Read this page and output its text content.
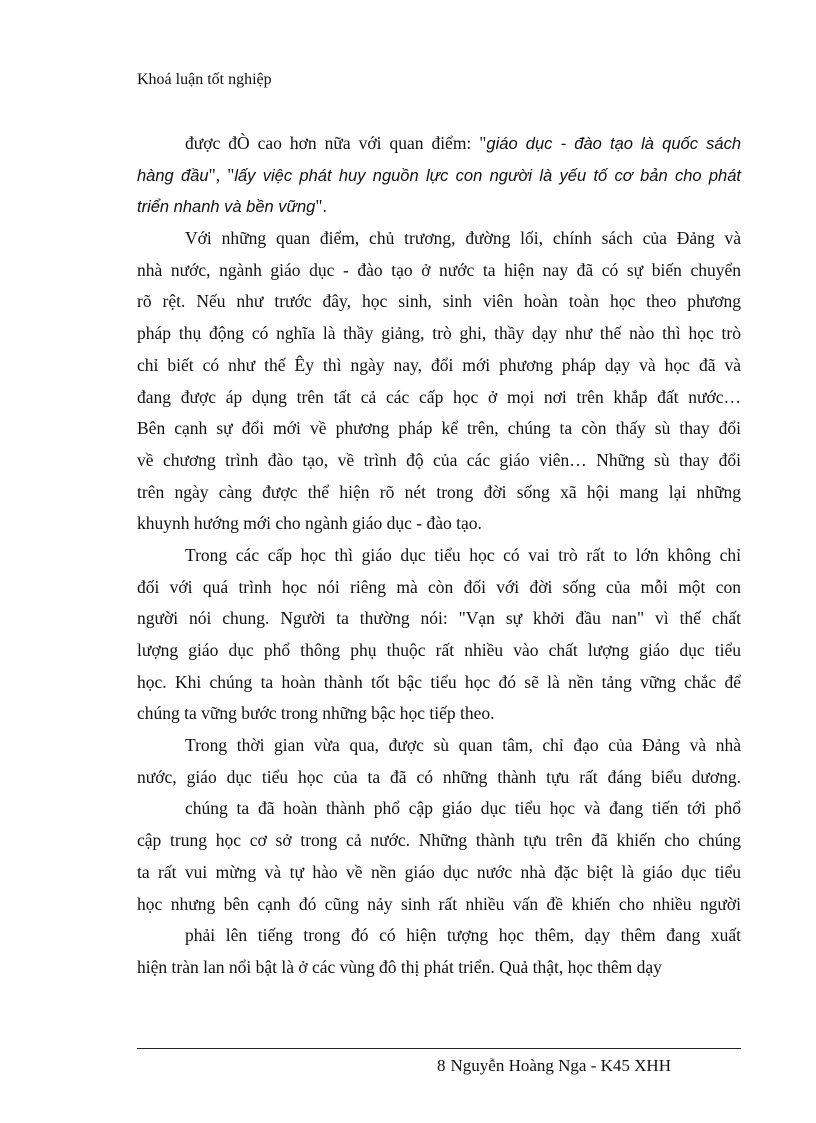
Khoá luận tốt nghiệp
được đÒ cao hơn nữa với quan điểm: "giáo dục - đào tạo là quốc sách
hàng đầu", "lấy việc phát huy nguồn lực con người là yếu tố cơ bản cho phát
triển nhanh và bền vững".
Với những quan điểm, chủ trương, đường lối, chính sách của Đảng và
nhà nước, ngành giáo dục - đào tạo ở nước ta hiện nay đã có sự biến chuyển
rõ rệt. Nếu như trước đây, học sinh, sinh viên hoàn toàn học theo phương
pháp thụ động có nghĩa là thầy giảng, trò ghi, thầy dạy như thế nào thì học trò
chỉ biết có như thế Êy thì ngày nay, đổi mới phương pháp dạy và học đã và
đang được áp dụng trên tất cả các cấp học ở mọi nơi trên khắp đất nước…
Bên cạnh sự đổi mới về phương pháp kể trên, chúng ta còn thấy sù thay đổi
về chương trình đào tạo, về trình độ của các giáo viên… Những sù thay đổi
trên ngày càng được thể hiện rõ nét trong đời sống xã hội mang lại những
khuynh hướng mới cho ngành giáo dục - đào tạo.
Trong các cấp học thì giáo dục tiểu học có vai trò rất to lớn không chỉ
đối với quá trình học nói riêng mà còn đối với đời sống của mỗi một con
người nói chung. Người ta thường nói: "Vạn sự khởi đầu nan" vì thế chất
lượng giáo dục phổ thông phụ thuộc rất nhiều vào chất lượng giáo dục tiểu
học. Khi chúng ta hoàn thành tốt bậc tiểu học đó sẽ là nền tảng vững chắc để
chúng ta vững bước trong những bậc học tiếp theo.
Trong thời gian vừa qua, được sù quan tâm, chỉ đạo của Đảng và nhà
nước, giáo dục tiểu học của ta đã có những thành tựu rất đáng biểu dương.
chúng ta đã hoàn thành phổ cập giáo dục tiểu học và đang tiến tới phổ
cập trung học cơ sở trong cả nước. Những thành tựu trên đã khiến cho chúng
ta rất vui mừng và tự hào về nền giáo dục nước nhà đặc biệt là giáo dục tiểu
học nhưng bên cạnh đó cũng nảy sinh rất nhiều vấn đề khiến cho nhiều người
phải lên tiếng trong đó có hiện tượng học thêm, dạy thêm đang xuất
hiện tràn lan nổi bật là ở các vùng đô thị phát triển. Quả thật, học thêm dạy
8 Nguyễn Hoàng Nga - K45 XHH
